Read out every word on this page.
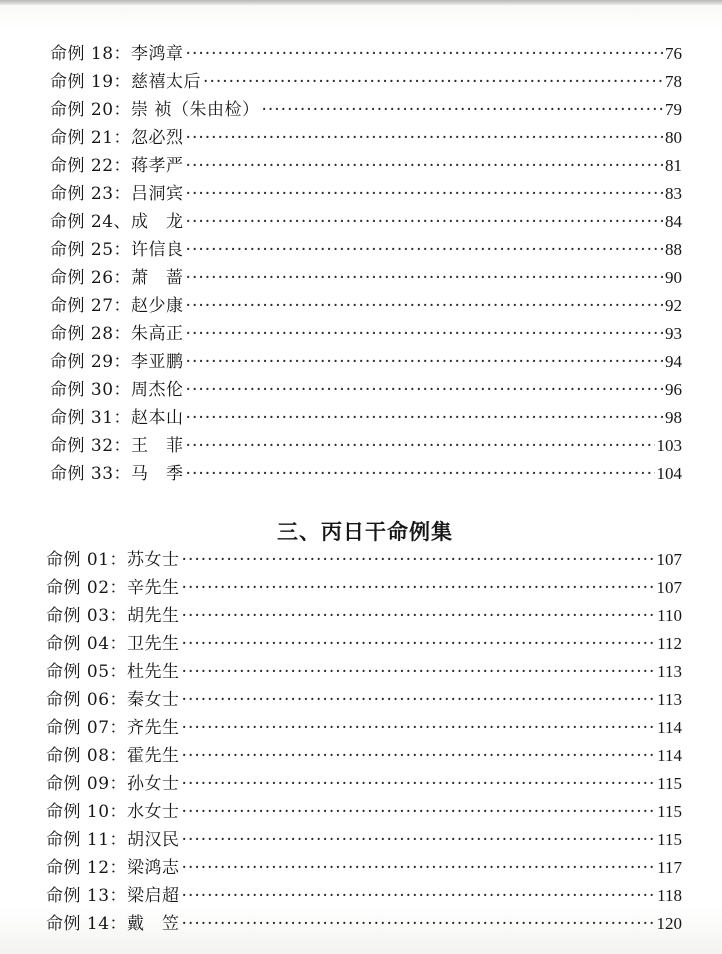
命例 18：李鸿章 ·····	76
命例 19：慈禧太后 ·····	78
命例 20：崇 祯（朱由检） ·····	79
命例 21：忽必烈 ·····	80
命例 22：蒋孝严 ·····	81
命例 23：吕洞宾 ·····	83
命例 24、成　龙 ·····	84
命例 25：许信良 ·····	88
命例 26：萧　蔷 ·····	90
命例 27：赵少康 ·····	92
命例 28：朱高正 ·····	93
命例 29：李亚鹏 ·····	94
命例 30：周杰伦 ·····	96
命例 31：赵本山 ·····	98
命例 32：王　菲 ·····	103
命例 33：马　季 ·····	104
三、丙日干命例集
命例 01：苏女士 ·····	107
命例 02：辛先生 ·····	107
命例 03：胡先生 ·····	110
命例 04：卫先生 ·····	112
命例 05：杜先生 ·····	113
命例 06：秦女士 ·····	113
命例 07：齐先生 ·····	114
命例 08：霍先生 ·····	114
命例 09：孙女士 ·····	115
命例 10：水女士 ·····	115
命例 11：胡汉民 ·····	115
命例 12：梁鸿志 ·····	117
命例 13：梁启超 ·····	118
命例 14：戴　笠 ·····	120
